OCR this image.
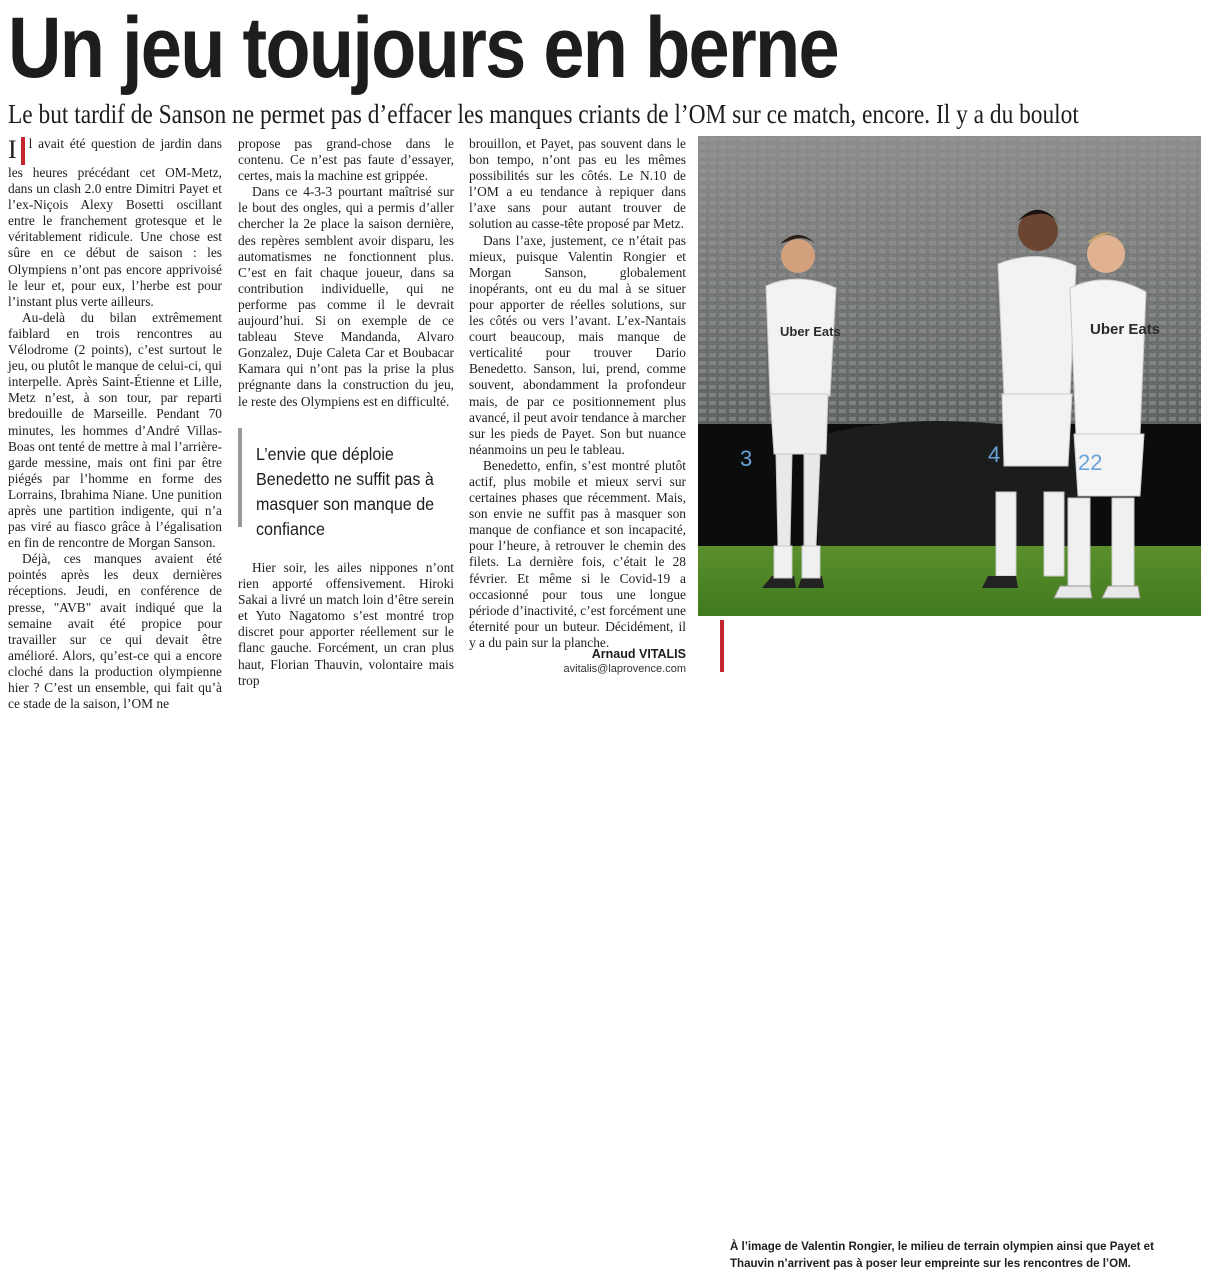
Un jeu toujours en berne
Le but tardif de Sanson ne permet pas d’effacer les manques criants de l’OM sur ce match, encore. Il y a du boulot

Il avait été question de jardin dans les heures précédant cet OM-Metz, dans un clash 2.0 entre Dimitri Payet et l’ex-Niçois Alexy Bosetti oscillant entre le franchement grotesque et le véritablement ridicule. Une chose est sûre en ce début de saison : les Olympiens n’ont pas encore apprivoisé le leur et, pour eux, l’herbe est pour l’instant plus verte ailleurs.

Au-delà du bilan extrêmement faiblard en trois rencontres au Vélodrome (2 points), c’est surtout le jeu, ou plutôt le manque de celui-ci, qui interpelle. Après Saint-Étienne et Lille, Metz n’est, à son tour, par reparti bredouille de Marseille. Pendant 70 minutes, les hommes d’André Villas-Boas ont tenté de mettre à mal l’arrière-garde messine, mais ont fini par être piégés par l’homme en forme des Lorrains, Ibrahima Niane. Une punition après une partition indigente, qui n’a pas viré au fiasco grâce à l’égalisation en fin de rencontre de Morgan Sanson.

Déjà, ces manques avaient été pointés après les deux dernières réceptions. Jeudi, en conférence de presse, "AVB" avait indiqué que la semaine avait été propice pour travailler sur ce qui devait être amélioré. Alors, qu’est-ce qui a encore cloché dans la production olympienne hier ? C’est un ensemble, qui fait qu’à ce stade de la saison, l’OM ne

propose pas grand-chose dans le contenu. Ce n’est pas faute d’essayer, certes, mais la machine est grippée.

Dans ce 4-3-3 pourtant maîtrisé sur le bout des ongles, qui a permis d’aller chercher la 2e place la saison dernière, des repères semblent avoir disparu, les automatismes ne fonctionnent plus. C’est en fait chaque joueur, dans sa contribution individuelle, qui ne performe pas comme il le devrait aujourd’hui. Si on exemple de ce tableau Steve Mandanda, Alvaro Gonzalez, Duje Caleta Car et Boubacar Kamara qui n’ont pas la prise la plus prégnante dans la construction du jeu, le reste des Olympiens est en difficulté.

L’envie que déploie Benedetto ne suffit pas à masquer son manque de confiance

Hier soir, les ailes nippones n’ont rien apporté offensivement. Hiroki Sakai a livré un match loin d’être serein et Yuto Nagatomo s’est montré trop discret pour apporter réellement sur le flanc gauche. Forcément, un cran plus haut, Florian Thauvin, volontaire mais trop

brouillon, et Payet, pas souvent dans le bon tempo, n’ont pas eu les mêmes possibilités sur les côtés. Le N.10 de l’OM a eu tendance à repiquer dans l’axe sans pour autant trouver de solution au casse-tête proposé par Metz.

Dans l’axe, justement, ce n’était pas mieux, puisque Valentin Rongier et Morgan Sanson, globalement inopérants, ont eu du mal à se situer pour apporter de réelles solutions, sur les côtés ou vers l’avant. L’ex-Nantais court beaucoup, mais manque de verticalité pour trouver Dario Benedetto. Sanson, lui, prend, comme souvent, abondamment la profondeur mais, de par ce positionnement plus avancé, il peut avoir tendance à marcher sur les pieds de Payet. Son but nuance néanmoins un peu le tableau.

Benedetto, enfin, s’est montré plutôt actif, plus mobile et mieux servi sur certaines phases que récemment. Mais, son envie ne suffit pas à masquer son manque de confiance et son incapacité, pour l’heure, à retrouver le chemin des filets. La dernière fois, c’était le 28 février. Et même si le Covid-19 a occasionné pour tous une longue période d’inactivité, c’est forcément une éternité pour un buteur. Décidément, il y a du pain sur la planche.

Arnaud VITALIS
avitalis@laprovence.com
Uber Eats	Uber Eats
3	4	22
À l’image de Valentin Rongier, le milieu de terrain olympien ainsi que Payet et Thauvin n’arrivent pas à poser leur empreinte sur les rencontres de l’OM.
